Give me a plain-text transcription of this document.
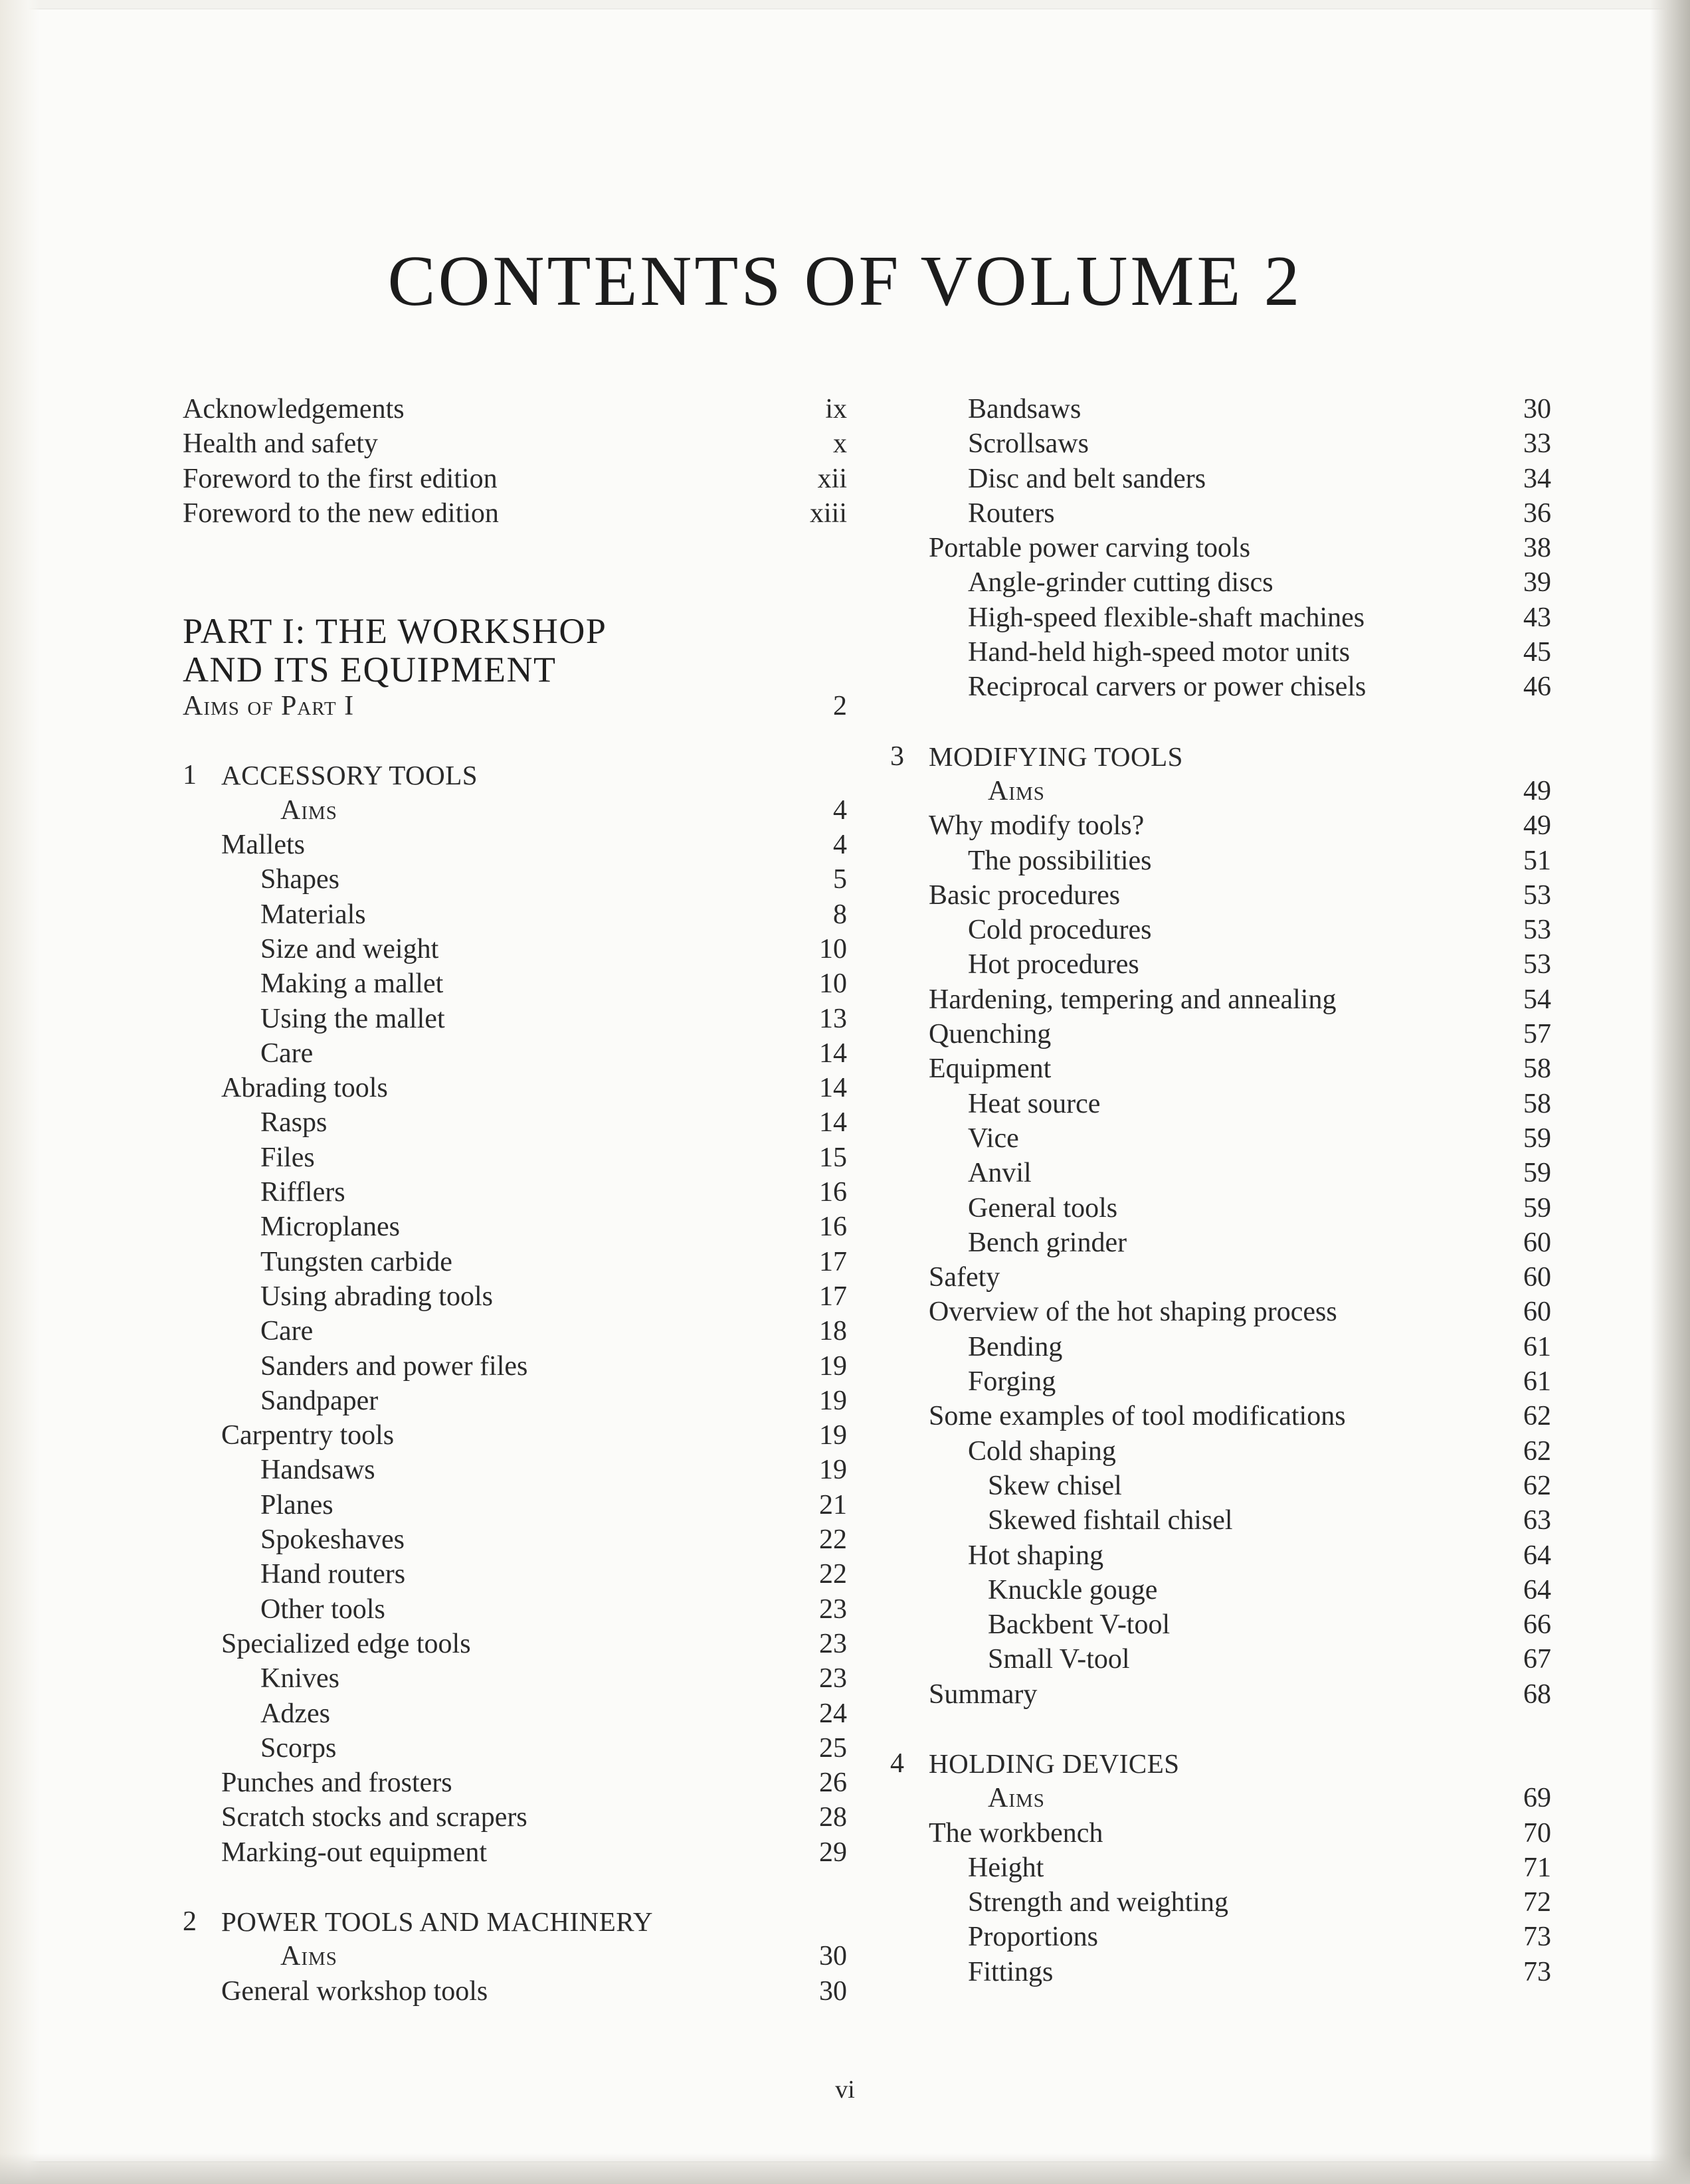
CONTENTS OF VOLUME 2
Acknowledgements	ix
Health and safety	x
Foreword to the first edition	xii
Foreword to the new edition	xiii
PART I: THE WORKSHOP
AND ITS EQUIPMENT
Aims of Part I	2
1 ACCESSORY TOOLS
Aims	4
Mallets	4
Shapes	5
Materials	8
Size and weight	10
Making a mallet	10
Using the mallet	13
Care	14
Abrading tools	14
Rasps	14
Files	15
Rifflers	16
Microplanes	16
Tungsten carbide	17
Using abrading tools	17
Care	18
Sanders and power files	19
Sandpaper	19
Carpentry tools	19
Handsaws	19
Planes	21
Spokeshaves	22
Hand routers	22
Other tools	23
Specialized edge tools	23
Knives	23
Adzes	24
Scorps	25
Punches and frosters	26
Scratch stocks and scrapers	28
Marking-out equipment	29
2 POWER TOOLS AND MACHINERY
Aims	30
General workshop tools	30
Bandsaws	30
Scrollsaws	33
Disc and belt sanders	34
Routers	36
Portable power carving tools	38
Angle-grinder cutting discs	39
High-speed flexible-shaft machines	43
Hand-held high-speed motor units	45
Reciprocal carvers or power chisels	46
3 MODIFYING TOOLS
Aims	49
Why modify tools?	49
The possibilities	51
Basic procedures	53
Cold procedures	53
Hot procedures	53
Hardening, tempering and annealing	54
Quenching	57
Equipment	58
Heat source	58
Vice	59
Anvil	59
General tools	59
Bench grinder	60
Safety	60
Overview of the hot shaping process	60
Bending	61
Forging	61
Some examples of tool modifications	62
Cold shaping	62
Skew chisel	62
Skewed fishtail chisel	63
Hot shaping	64
Knuckle gouge	64
Backbent V-tool	66
Small V-tool	67
Summary	68
4 HOLDING DEVICES
Aims	69
The workbench	70
Height	71
Strength and weighting	72
Proportions	73
Fittings	73
vi
